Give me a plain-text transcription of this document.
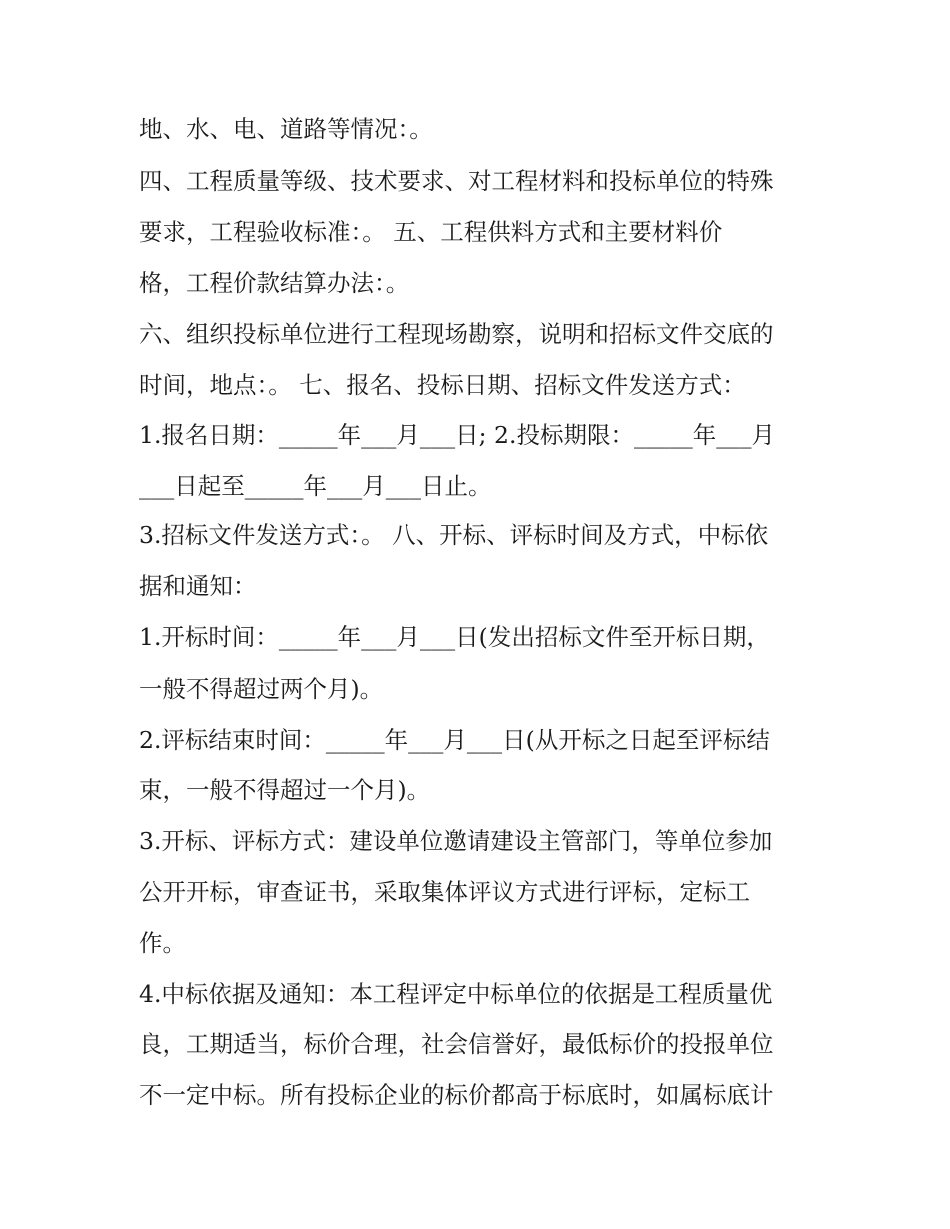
地、水、电、道路等情况：。
四、工程质量等级、技术要求、对工程材料和投标单位的特殊
要求，工程验收标准：。 五、工程供料方式和主要材料价
格，工程价款结算办法：。
六、组织投标单位进行工程现场勘察，说明和招标文件交底的
时间，地点：。 七、报名、投标日期、招标文件发送方式：
1.报名日期：_____年___月___日; 2.投标期限：_____年___月
___日起至_____年___月___日止。
3.招标文件发送方式：。 八、开标、评标时间及方式，中标依
据和通知：
1.开标时间：_____年___月___日(发出招标文件至开标日期，
一般不得超过两个月)。
2.评标结束时间：_____年___月___日(从开标之日起至评标结
束，一般不得超过一个月)。
3.开标、评标方式：建设单位邀请建设主管部门，等单位参加
公开开标，审查证书，采取集体评议方式进行评标，定标工
作。
4.中标依据及通知：本工程评定中标单位的依据是工程质量优
良，工期适当，标价合理，社会信誉好，最低标价的投报单位
不一定中标。所有投标企业的标价都高于标底时，如属标底计
